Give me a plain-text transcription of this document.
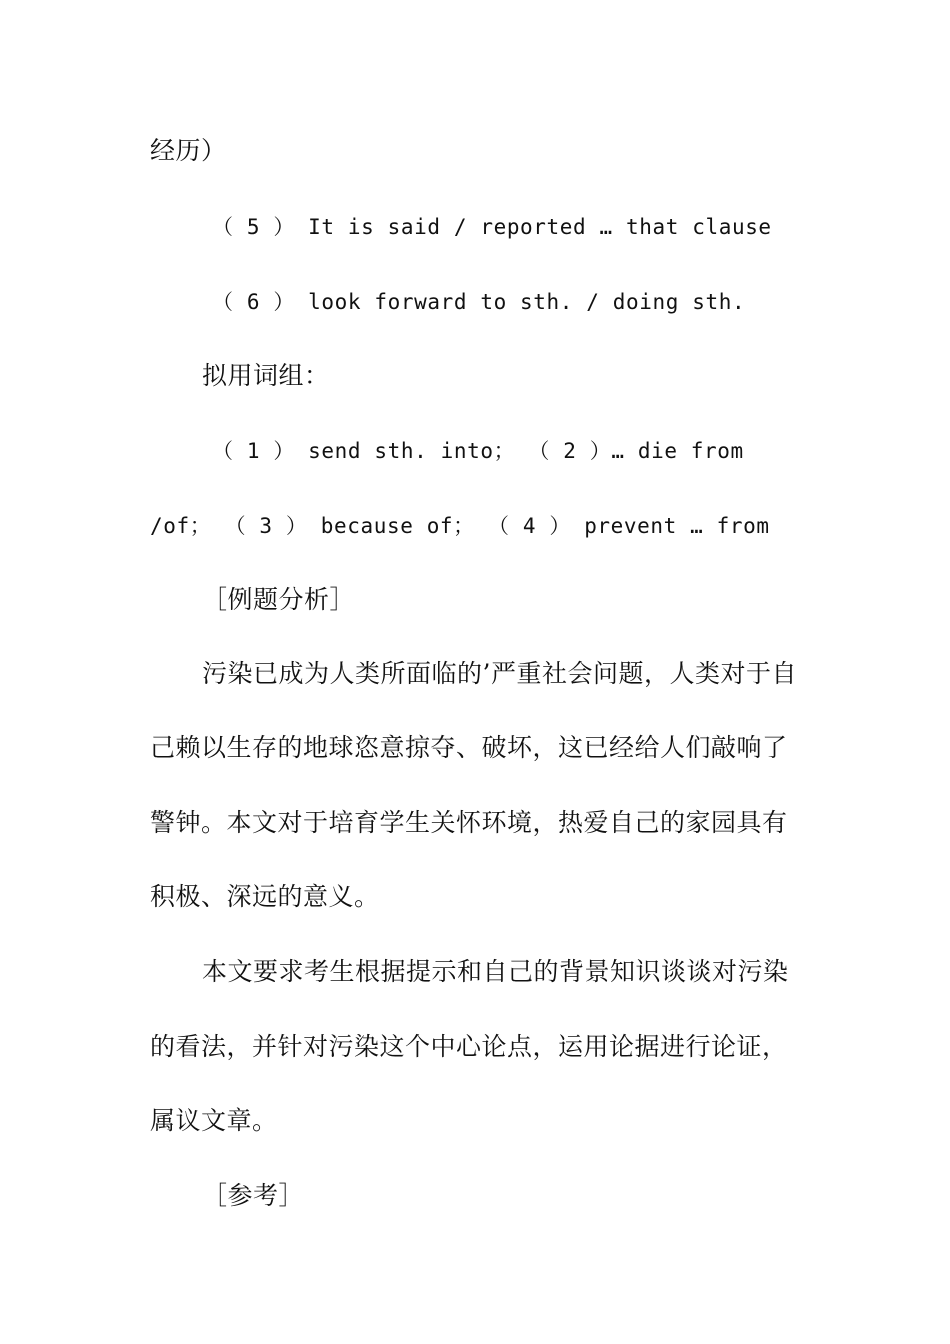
经历）
（ 5 ） It is said / reported … that clause
（ 6 ） look forward to sth. / doing sth.
拟用词组：
（ 1 ） send sth. into； （ 2 ）… die from
/of； （ 3 ） because of； （ 4 ） prevent … from
［例题分析］
污染已成为人类所面临的’严重社会问题，人类对于自
己赖以生存的地球恣意掠夺、破坏，这已经给人们敲响了
警钟。本文对于培育学生关怀环境，热爱自己的家园具有
积极、深远的意义。
本文要求考生根据提示和自己的背景知识谈谈对污染
的看法，并针对污染这个中心论点，运用论据进行论证，
属议文章。
［参考］
